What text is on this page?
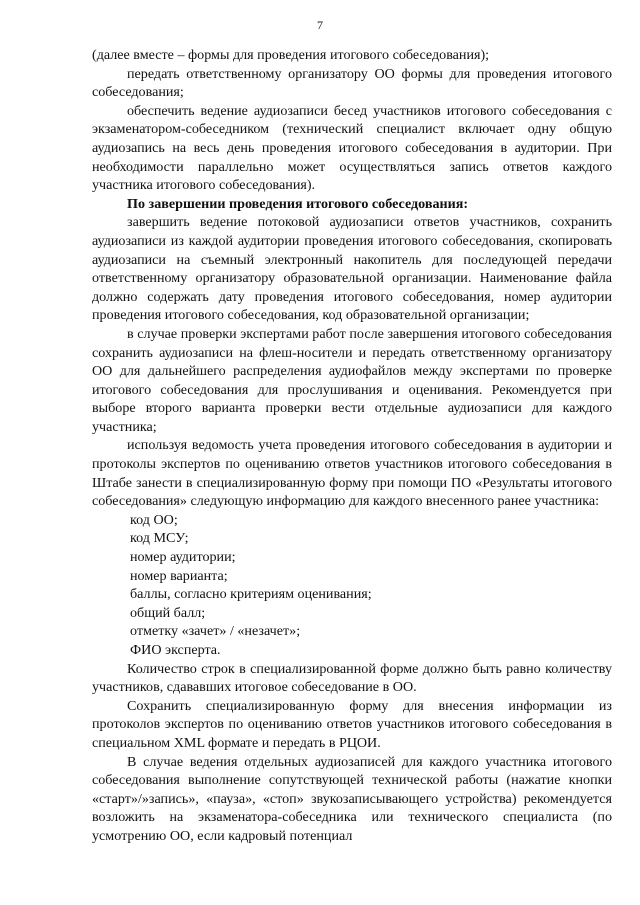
7

(далее вместе – формы для проведения итогового собеседования);

передать ответственному организатору ОО формы для проведения итогового собеседования;

обеспечить ведение аудиозаписи бесед участников итогового собеседования с экзаменатором-собеседником (технический специалист включает одну общую аудиозапись на весь день проведения итогового собеседования в аудитории. При необходимости параллельно может осуществляться запись ответов каждого участника итогового собеседования).

По завершении проведения итогового собеседования:

завершить ведение потоковой аудиозаписи ответов участников, сохранить аудиозаписи из каждой аудитории проведения итогового собеседования, скопировать аудиозаписи на съемный электронный накопитель для последующей передачи ответственному организатору образовательной организации. Наименование файла должно содержать дату проведения итогового собеседования, номер аудитории проведения итогового собеседования, код образовательной организации;

в случае проверки экспертами работ после завершения итогового собеседования сохранить аудиозаписи на флеш-носители и передать ответственному организатору ОО для дальнейшего распределения аудиофайлов между экспертами по проверке итогового собеседования для прослушивания и оценивания. Рекомендуется при выборе второго варианта проверки вести отдельные аудиозаписи для каждого участника;

используя ведомость учета проведения итогового собеседования в аудитории и протоколы экспертов по оцениванию ответов участников итогового собеседования в Штабе занести в специализированную форму при помощи ПО «Результаты итогового собеседования» следующую информацию для каждого внесенного ранее участника:

код ОО;

код МСУ;

номер аудитории;

номер варианта;

баллы, согласно критериям оценивания;

общий балл;

отметку «зачет» / «незачет»;

ФИО эксперта.

Количество строк в специализированной форме должно быть равно количеству участников, сдававших итоговое собеседование в ОО.

Сохранить специализированную форму для внесения информации из протоколов экспертов по оцениванию ответов участников итогового собеседования в специальном XML формате и передать в РЦОИ.

В случае ведения отдельных аудиозаписей для каждого участника итогового собеседования выполнение сопутствующей технической работы (нажатие кнопки «старт»/»запись», «пауза», «стоп» звукозаписывающего устройства) рекомендуется возложить на экзаменатора-собеседника или технического специалиста (по усмотрению ОО, если кадровый потенциал
